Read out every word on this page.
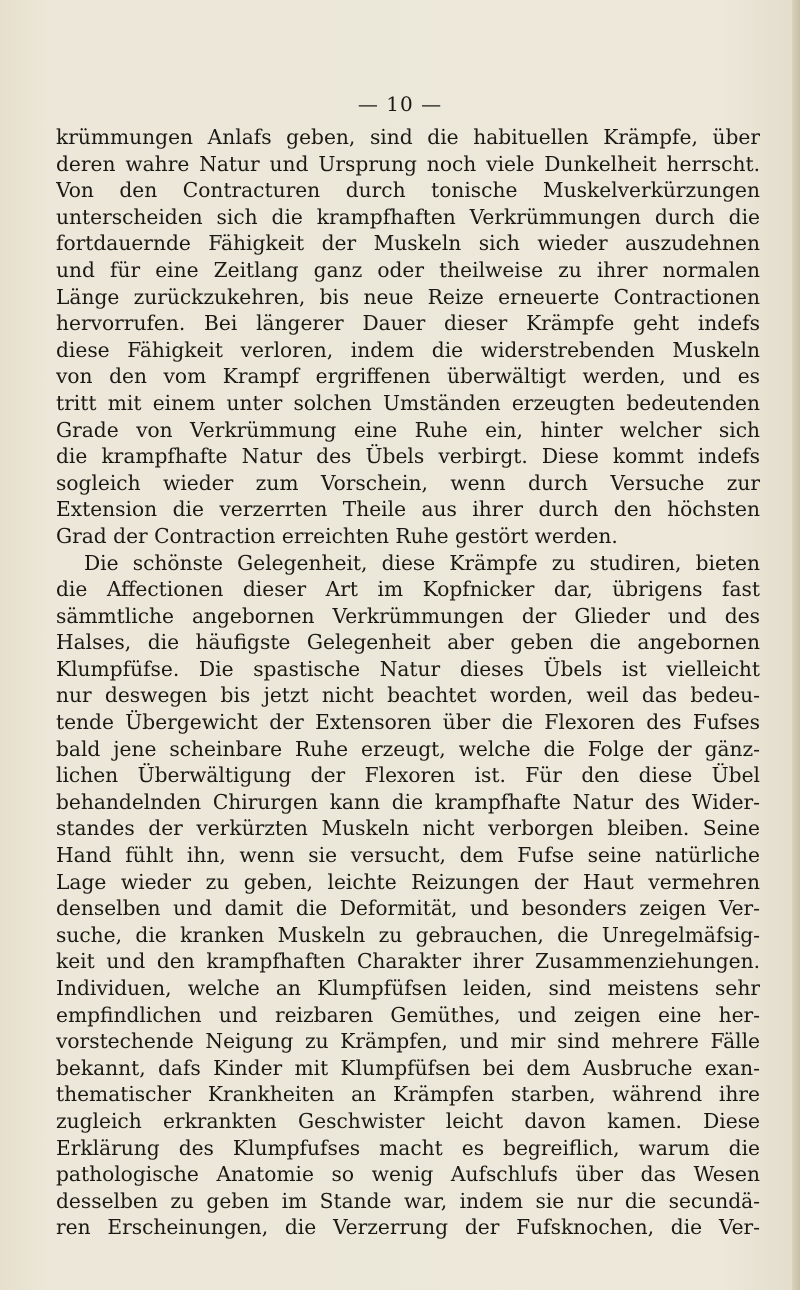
— 10 —
krümmungen Anlafs geben, sind die habituellen Krämpfe, über
deren wahre Natur und Ursprung noch viele Dunkelheit herrscht.
Von den Contracturen durch tonische Muskelverkürzungen
unterscheiden sich die krampfhaften Verkrümmungen durch die
fortdauernde Fähigkeit der Muskeln sich wieder auszudehnen
und für eine Zeitlang ganz oder theilweise zu ihrer normalen
Länge zurückzukehren, bis neue Reize erneuerte Contractionen
hervorrufen. Bei längerer Dauer dieser Krämpfe geht indefs
diese Fähigkeit verloren, indem die widerstrebenden Muskeln
von den vom Krampf ergriffenen überwältigt werden, und es
tritt mit einem unter solchen Umständen erzeugten bedeutenden
Grade von Verkrümmung eine Ruhe ein, hinter welcher sich
die krampfhafte Natur des Übels verbirgt. Diese kommt indefs
sogleich wieder zum Vorschein, wenn durch Versuche zur
Extension die verzerrten Theile aus ihrer durch den höchsten
Grad der Contraction erreichten Ruhe gestört werden.
Die schönste Gelegenheit, diese Krämpfe zu studiren, bieten
die Affectionen dieser Art im Kopfnicker dar, übrigens fast
sämmtliche angebornen Verkrümmungen der Glieder und des
Halses, die häufigste Gelegenheit aber geben die angebornen
Klumpfüfse. Die spastische Natur dieses Übels ist vielleicht
nur deswegen bis jetzt nicht beachtet worden, weil das bedeu-
tende Übergewicht der Extensoren über die Flexoren des Fufses
bald jene scheinbare Ruhe erzeugt, welche die Folge der gänz-
lichen Überwältigung der Flexoren ist. Für den diese Übel
behandelnden Chirurgen kann die krampfhafte Natur des Wider-
standes der verkürzten Muskeln nicht verborgen bleiben. Seine
Hand fühlt ihn, wenn sie versucht, dem Fufse seine natürliche
Lage wieder zu geben, leichte Reizungen der Haut vermehren
denselben und damit die Deformität, und besonders zeigen Ver-
suche, die kranken Muskeln zu gebrauchen, die Unregelmäfsig-
keit und den krampfhaften Charakter ihrer Zusammenziehungen.
Individuen, welche an Klumpfüfsen leiden, sind meistens sehr
empfindlichen und reizbaren Gemüthes, und zeigen eine her-
vorstechende Neigung zu Krämpfen, und mir sind mehrere Fälle
bekannt, dafs Kinder mit Klumpfüfsen bei dem Ausbruche exan-
thematischer Krankheiten an Krämpfen starben, während ihre
zugleich erkrankten Geschwister leicht davon kamen. Diese
Erklärung des Klumpfufses macht es begreiflich, warum die
pathologische Anatomie so wenig Aufschlufs über das Wesen
desselben zu geben im Stande war, indem sie nur die secundä-
ren Erscheinungen, die Verzerrung der Fufsknochen, die Ver-
